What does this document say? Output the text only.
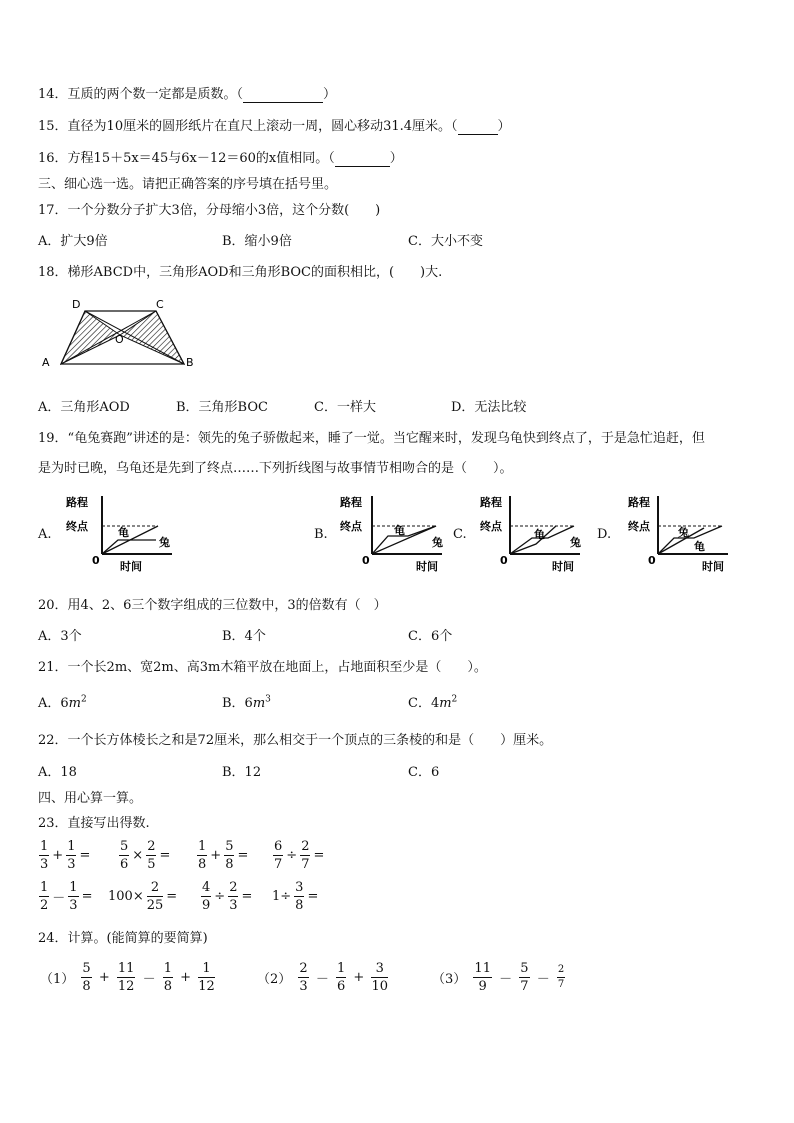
14．互质的两个数一定都是质数。（	）
15．直径为10厘米的圆形纸片在直尺上滚动一周，圆心移动31.4厘米。（	）
16．方程15＋5x＝45与6x－12＝60的x值相同。（	）
三、细心选一选。请把正确答案的序号填在括号里。
17．一个分数分子扩大3倍，分母缩小3倍，这个分数(　　)
A．扩大9倍	B．缩小9倍	C．大小不变
18．梯形ABCD中，三角形AOD和三角形BOC的面积相比，(　　)大.
D	C
A	B
O
A．三角形AOD	B．三角形BOC	C．一样大	D．无法比较
19．“龟兔赛跑”讲述的是：领先的兔子骄傲起来，睡了一觉。当它醒来时，发现乌龟快到终点了，于是急忙追赶，但
是为时已晚，乌龟还是先到了终点……下列折线图与故事情节相吻合的是（　　）。
A.	B.	C.	D.
路程
终点	龟
兔
0 时间
路程
终点	龟
兔
0	时间
路程
终点
龟
兔
0	时间
路程
终点	兔
龟
0	时间
20．用4、2、6三个数字组成的三位数中，3的倍数有（　）
A．3个	B．4个	C．6个
21．一个长2m、宽2m、高3m木箱平放在地面上，占地面积至少是（　　）。
A．$6m^2$	B．$6m^3$	C．$4m^2$
22．一个长方体棱长之和是72厘米，那么相交于一个顶点的三条棱的和是（　　）厘米。
A．18	B．12	C．6
四、用心算一算。
23．直接写出得数.
$\frac{1}{3} + \frac{1}{3} = \frac{5}{6} \times \frac{2}{5} = \frac{1}{8} + \frac{5}{8} = \frac{6}{7} \div \frac{2}{7}$ =
$\frac{1}{2} - \frac{1}{3} = 100\times \frac{2}{25} = \frac{4}{9} \div \frac{2}{3} = 1\div \frac{3}{8}$ =
24．计算。(能简算的要简算)
$(1) \frac{5}{8} + \frac{11}{12} - \frac{1}{8} + \frac{1}{12}$	$(2) \frac{2}{3} - \frac{1}{6} + \frac{3}{10}$	$(3) \frac{11}{9} - \frac{5}{7} - \frac{2}{7}$
